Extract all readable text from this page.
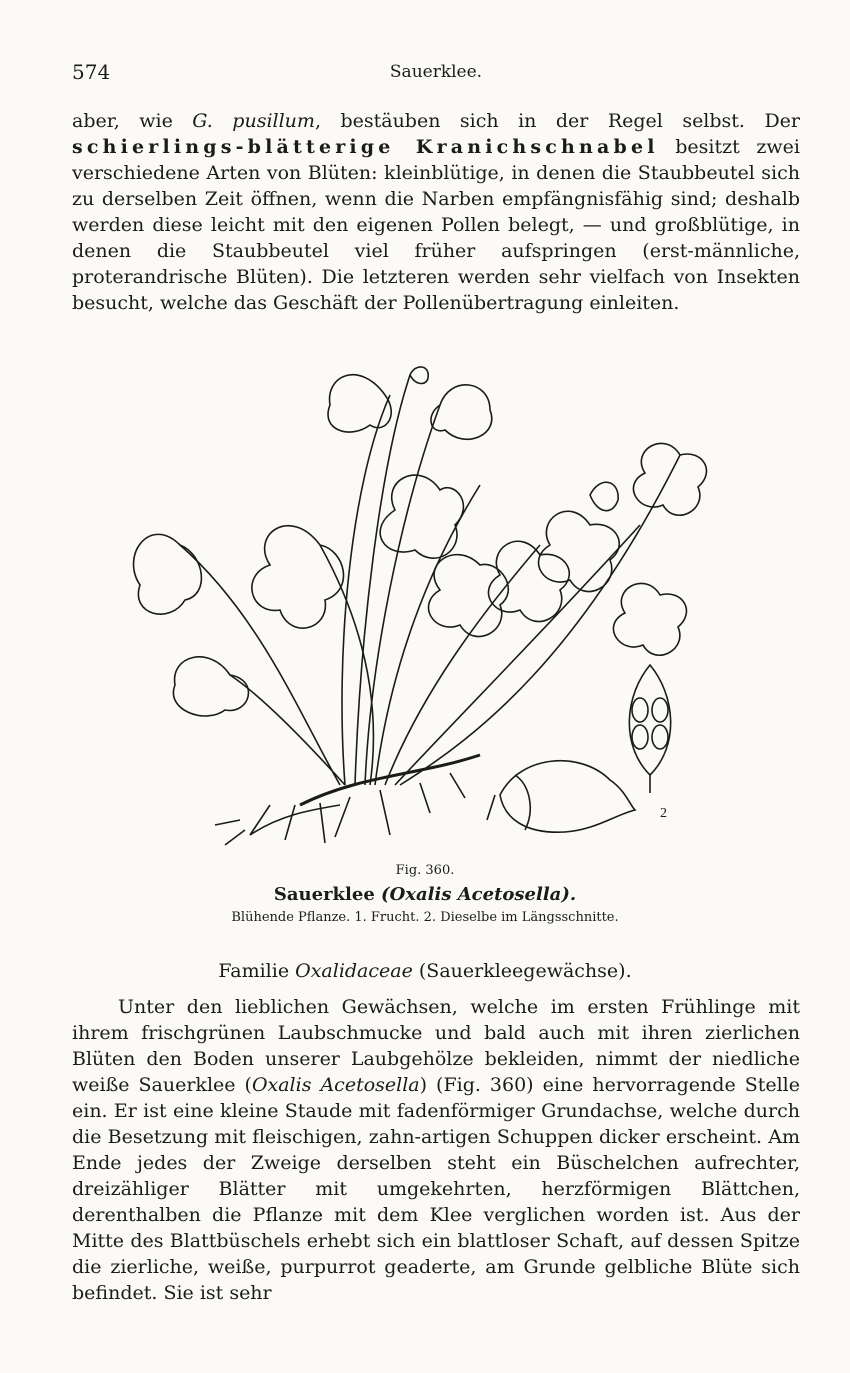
574	Sauerklee.

aber, wie G. pusillum, bestäuben sich in der Regel selbst. Der schierlings-blätterige Kranichschnabel besitzt zwei verschiedene Arten von Blüten: kleinblütige, in denen die Staubbeutel sich zu derselben Zeit öffnen, wenn die Narben empfängnisfähig sind; deshalb werden diese leicht mit den eigenen Pollen belegt, — und großblütige, in denen die Staubbeutel viel früher aufspringen (erst-männliche, proterandrische Blüten). Die letzteren werden sehr vielfach von Insekten besucht, welche das Geschäft der Pollenübertragung einleiten.

2
Fig. 360.
Sauerklee (Oxalis Acetosella).
Blühende Pflanze. 1. Frucht. 2. Dieselbe im Längsschnitte.
Familie Oxalidaceae (Sauerkleegewächse).

Unter den lieblichen Gewächsen, welche im ersten Frühlinge mit ihrem frischgrünen Laubschmucke und bald auch mit ihren zierlichen Blüten den Boden unserer Laubgehölze bekleiden, nimmt der niedliche weiße Sauerklee (Oxalis Acetosella) (Fig. 360) eine hervorragende Stelle ein. Er ist eine kleine Staude mit fadenförmiger Grundachse, welche durch die Besetzung mit fleischigen, zahn-artigen Schuppen dicker erscheint. Am Ende jedes der Zweige derselben steht ein Büschelchen aufrechter, dreizähliger Blätter mit umgekehrten, herzförmigen Blättchen, derenthalben die Pflanze mit dem Klee verglichen worden ist. Aus der Mitte des Blattbüschels erhebt sich ein blattloser Schaft, auf dessen Spitze die zierliche, weiße, purpurrot geaderte, am Grunde gelbliche Blüte sich befindet. Sie ist sehr
